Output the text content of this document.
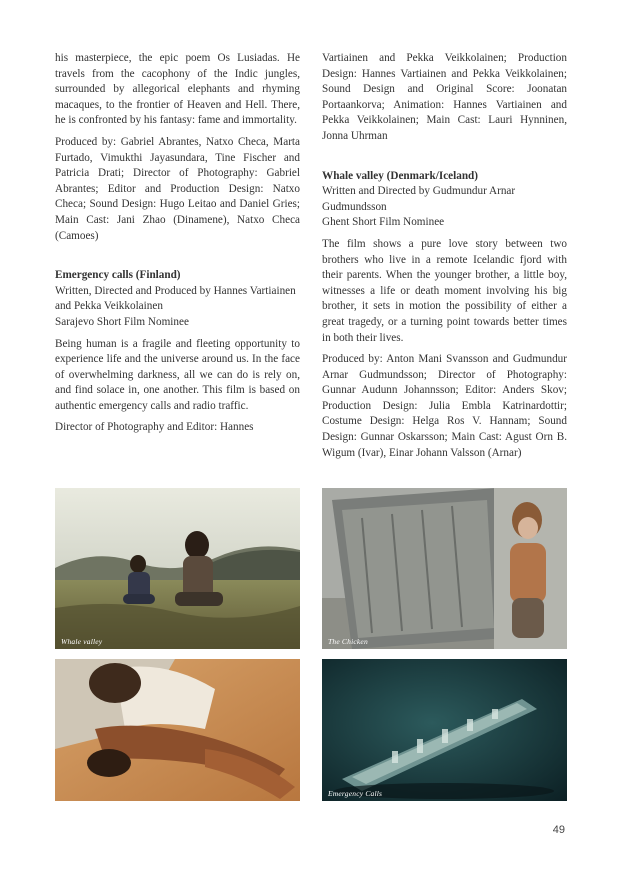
his masterpiece, the epic poem Os Lusiadas. He travels from the cacophony of the Indic jungles, surrounded by allegorical elephants and rhyming macaques, to the frontier of Heaven and Hell. There, he is confronted by his fantasy: fame and immortality.

Produced by: Gabriel Abrantes, Natxo Checa, Marta Furtado, Vimukthi Jayasundara, Tine Fischer and Patricia Drati; Director of Photography: Gabriel Abrantes; Editor and Production Design: Natxo Checa; Sound Design: Hugo Leitao and Daniel Gries; Main Cast: Jani Zhao (Dinamene), Natxo Checa (Camoes)

Emergency calls (Finland)
Written, Directed and Produced by Hannes Vartiainen and Pekka Veikkolainen
Sarajevo Short Film Nominee

Being human is a fragile and fleeting opportunity to experience life and the universe around us. In the face of overwhelming darkness, all we can do is rely on, and find solace in, one another. This film is based on authentic emergency calls and radio traffic.

Director of Photography and Editor: Hannes

Vartiainen and Pekka Veikkolainen; Production Design: Hannes Vartiainen and Pekka Veikkolainen; Sound Design and Original Score: Joonatan Portaankorva; Animation: Hannes Vartiainen and Pekka Veikkolainen; Main Cast: Lauri Hynninen, Jonna Uhrman

Whale valley (Denmark/Iceland)
Written and Directed by Gudmundur Arnar Gudmundsson
Ghent Short Film Nominee

The film shows a pure love story between two brothers who live in a remote Icelandic fjord with their parents. When the younger brother, a little boy, witnesses a life or death moment involving his big brother, it sets in motion the possibility of either a great tragedy, or a turning point towards better times in both their lives.

Produced by: Anton Mani Svansson and Gudmundur Arnar Gudmundsson; Director of Photography: Gunnar Audunn Johannsson; Editor: Anders Skov; Production Design: Julia Embla Katrinardottir; Costume Design: Helga Ros V. Hannam; Sound Design: Gunnar Oskarsson; Main Cast: Agust Orn B. Wigum (Ivar), Einar Johann Valsson (Arnar)

Whale valley	The Chicken
Emergency Calls
49
